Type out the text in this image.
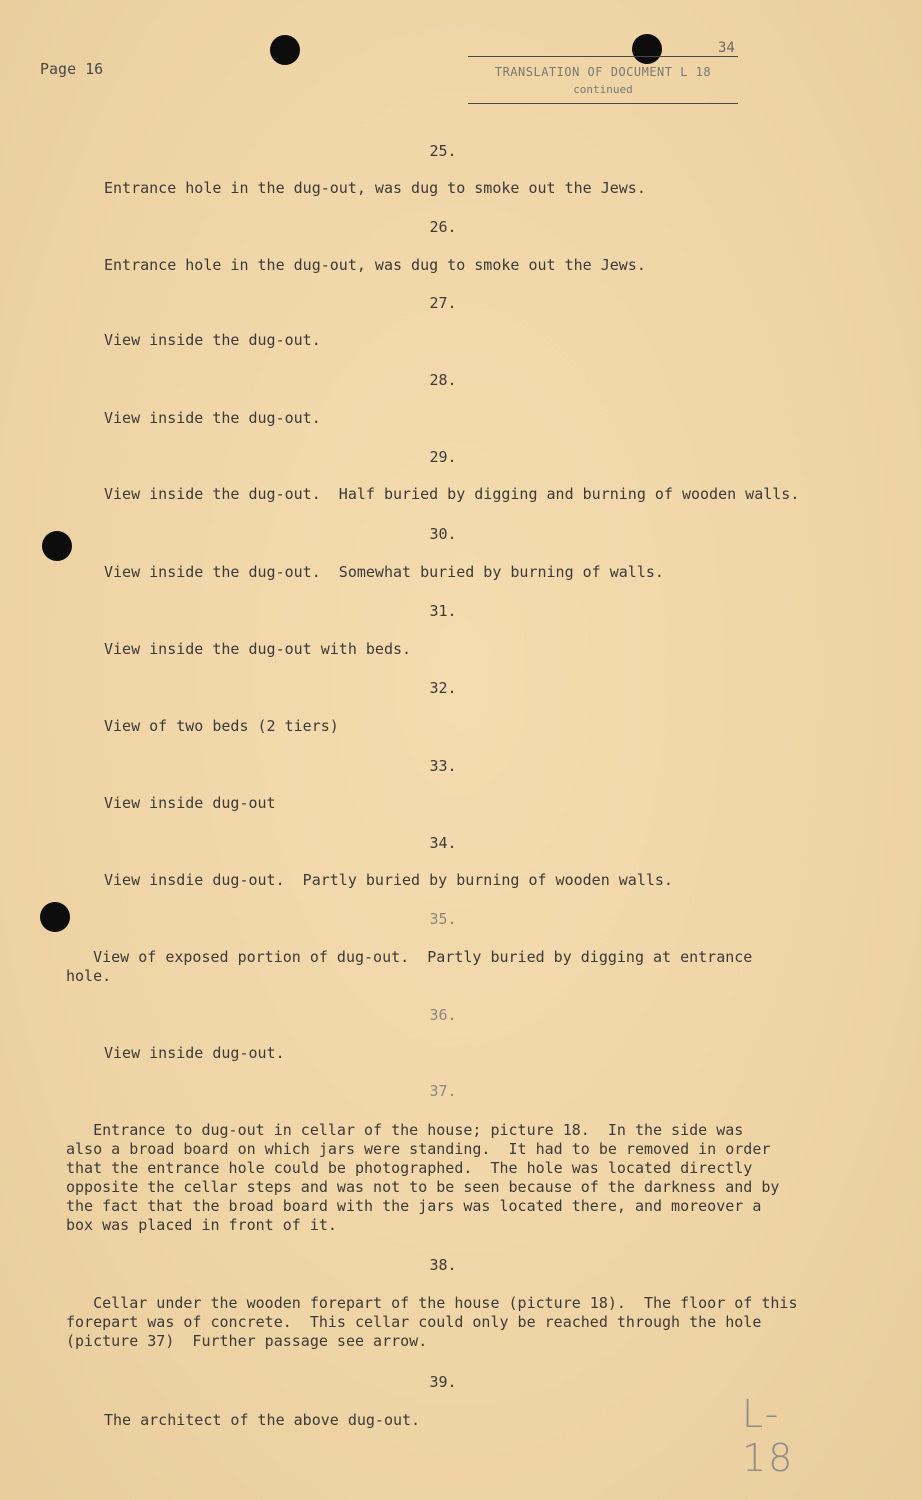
Page 16
34
TRANSLATION OF DOCUMENT L 18
continued
25.
Entrance hole in the dug-out, was dug to smoke out the Jews.
26.
Entrance hole in the dug-out, was dug to smoke out the Jews.
27.
View inside the dug-out.
28.
View inside the dug-out.
29.
View inside the dug-out.  Half buried by digging and burning of wooden walls.
30.
View inside the dug-out.  Somewhat buried by burning of walls.
31.
View inside the dug-out with beds.
32.
View of two beds (2 tiers)
33.
View inside dug-out
34.
View insdie dug-out.  Partly buried by burning of wooden walls.
35.
View of exposed portion of dug-out.  Partly buried by digging at entrance
hole.
36.
View inside dug-out.
37.
Entrance to dug-out in cellar of the house; picture 18.  In the side was
also a broad board on which jars were standing.  It had to be removed in order
that the entrance hole could be photographed.  The hole was located directly
opposite the cellar steps and was not to be seen because of the darkness and by
the fact that the broad board with the jars was located there, and moreover a
box was placed in front of it.
38.
Cellar under the wooden forepart of the house (picture 18).  The floor of this
forepart was of concrete.  This cellar could only be reached through the hole
(picture 37)  Further passage see arrow.
39.
The architect of the above dug-out.	L-18
